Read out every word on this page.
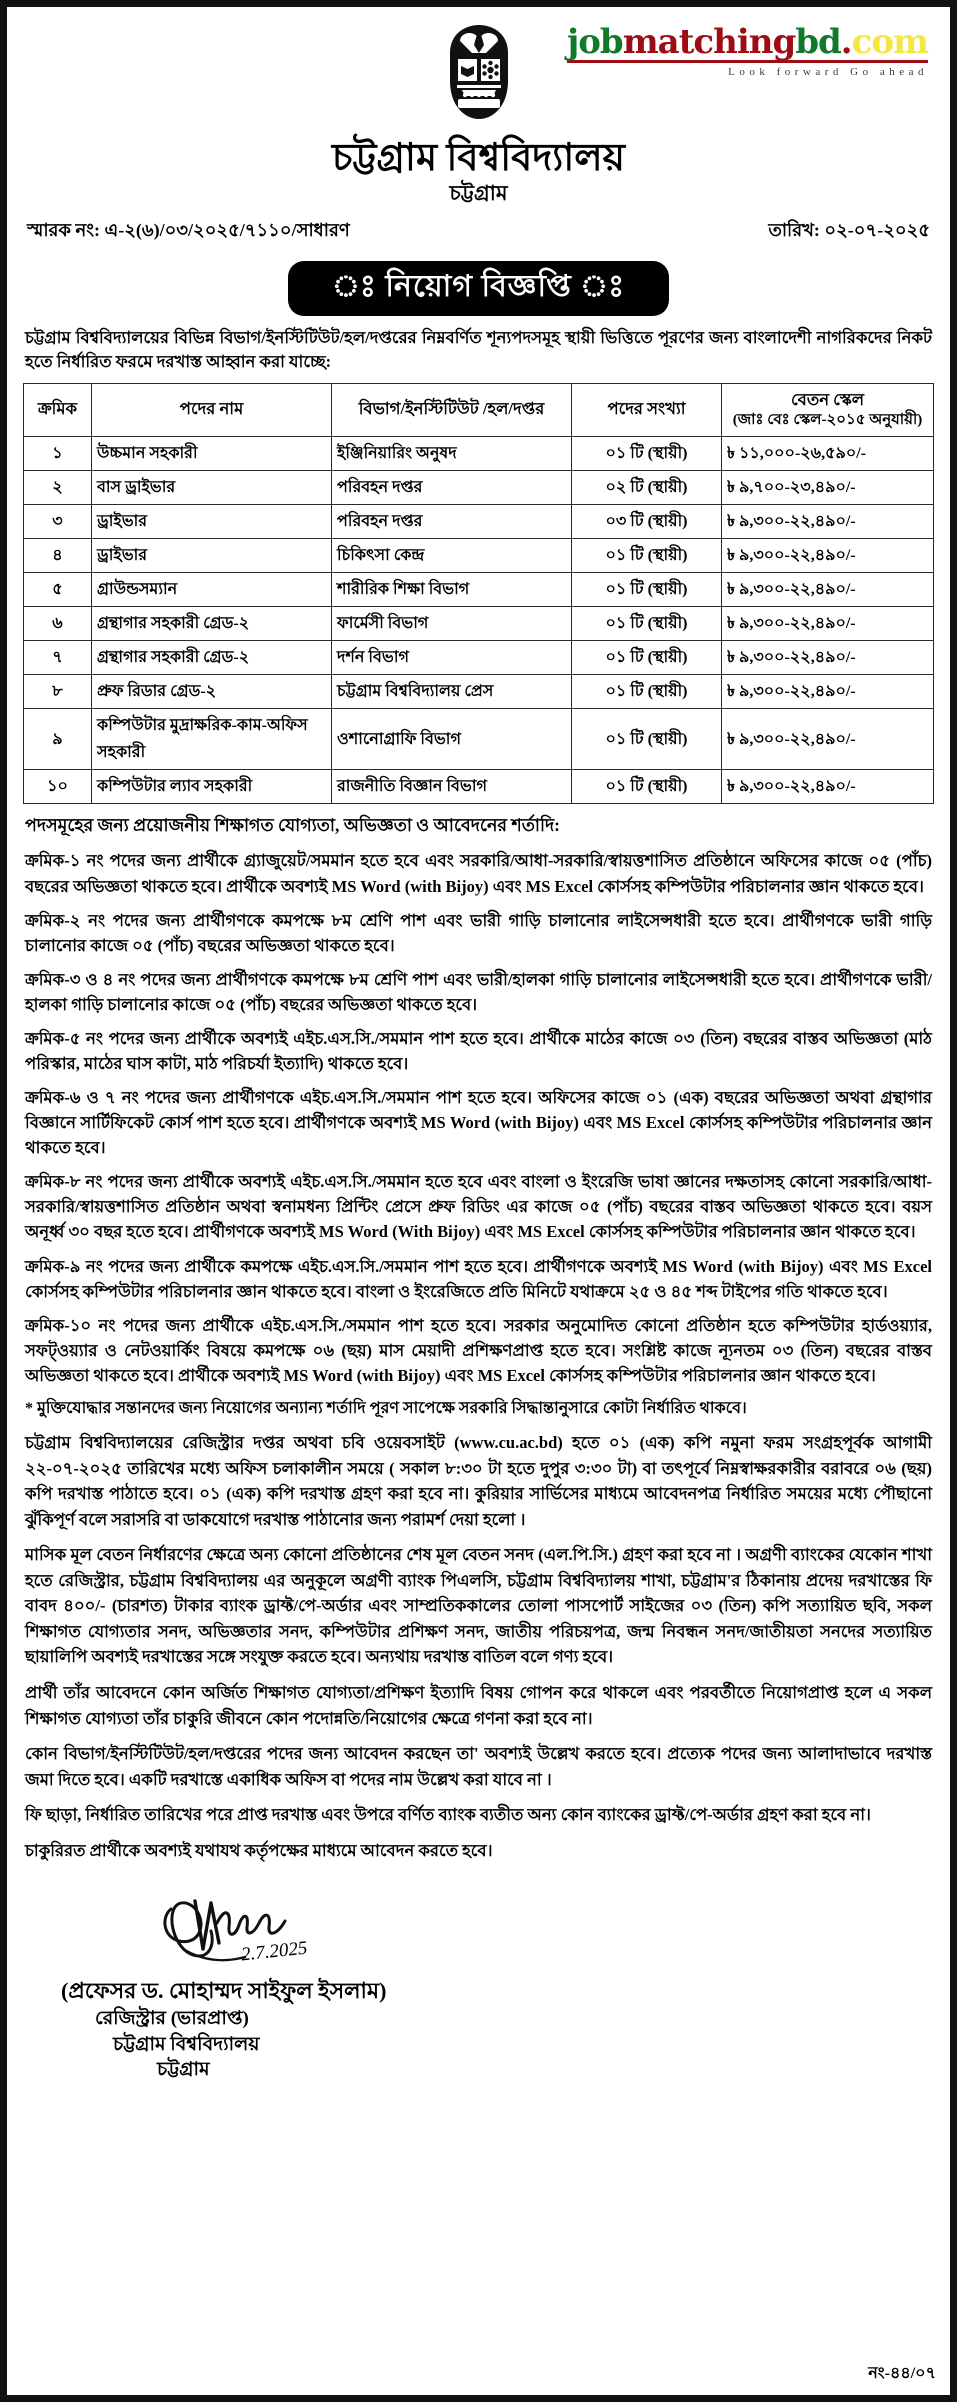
jobmatchingbd.com
Look forward Go ahead
চট্টগ্রাম বিশ্ববিদ্যালয়
চট্টগ্রাম
স্মারক নং: এ-২(৬)/০৩/২০২৫/৭১১০/সাধারণ	তারিখ: ০২-০৭-২০২৫
ঃ নিয়োগ বিজ্ঞপ্তি ঃ
চট্টগ্রাম বিশ্ববিদ্যালয়ের বিভিন্ন বিভাগ/ইনস্টিটিউট/হল/দপ্তরের নিম্নবর্ণিত শূন্যপদসমূহ স্থায়ী ভিত্তিতে পূরণের জন্য বাংলাদেশী নাগরিকদের নিকট হতে নির্ধারিত ফরমে দরখাস্ত আহ্বান করা যাচ্ছে:
ক্রমিক	পদের নাম	বিভাগ/ইনস্টিটিউট /হল/দপ্তর	পদের সংখ্যা	বেতন স্কেল
(জাঃ বেঃ স্কেল-২০১৫ অনুযায়ী)

১	উচ্চমান সহকারী	ইঞ্জিনিয়ারিং অনুষদ	০১ টি (স্থায়ী)	৳ ১১,০০০-২৬,৫৯০/-
২	বাস ড্রাইভার	পরিবহন দপ্তর	০২ টি (স্থায়ী)	৳ ৯,৭০০-২৩,৪৯০/-
৩	ড্রাইভার	পরিবহন দপ্তর	০৩ টি (স্থায়ী)	৳ ৯,৩০০-২২,৪৯০/-
৪	ড্রাইভার	চিকিৎসা কেন্দ্র	০১ টি (স্থায়ী)	৳ ৯,৩০০-২২,৪৯০/-
৫	গ্রাউন্ডসম্যান	শারীরিক শিক্ষা বিভাগ	০১ টি (স্থায়ী)	৳ ৯,৩০০-২২,৪৯০/-
৬	গ্রন্থাগার সহকারী গ্রেড-২	ফার্মেসী বিভাগ	০১ টি (স্থায়ী)	৳ ৯,৩০০-২২,৪৯০/-
৭	গ্রন্থাগার সহকারী গ্রেড-২	দর্শন বিভাগ	০১ টি (স্থায়ী)	৳ ৯,৩০০-২২,৪৯০/-
৮	প্রুফ রিডার গ্রেড-২	চট্টগ্রাম বিশ্ববিদ্যালয় প্রেস	০১ টি (স্থায়ী)	৳ ৯,৩০০-২২,৪৯০/-
৯	কম্পিউটার মুদ্রাক্ষরিক-কাম-অফিস সহকারী	ওশানোগ্রাফি বিভাগ	০১ টি (স্থায়ী)	৳ ৯,৩০০-২২,৪৯০/-
১০	কম্পিউটার ল্যাব সহকারী	রাজনীতি বিজ্ঞান বিভাগ	০১ টি (স্থায়ী)	৳ ৯,৩০০-২২,৪৯০/-
পদসমূহের জন্য প্রয়োজনীয় শিক্ষাগত যোগ্যতা, অভিজ্ঞতা ও আবেদনের শর্তাদি:
ক্রমিক-১ নং পদের জন্য প্রার্থীকে গ্র্যাজুয়েট/সমমান হতে হবে এবং সরকারি/আধা-সরকারি/স্বায়ত্তশাসিত প্রতিষ্ঠানে অফিসের কাজে ০৫ (পাঁচ) বছরের অভিজ্ঞতা থাকতে হবে। প্রার্থীকে অবশ্যই MS Word (with Bijoy) এবং MS Excel কোর্সসহ কম্পিউটার পরিচালনার জ্ঞান থাকতে হবে।
ক্রমিক-২ নং পদের জন্য প্রার্থীগণকে কমপক্ষে ৮ম শ্রেণি পাশ এবং ভারী গাড়ি চালানোর লাইসেন্সধারী হতে হবে। প্রার্থীগণকে ভারী গাড়ি চালানোর কাজে ০৫ (পাঁচ) বছরের অভিজ্ঞতা থাকতে হবে।
ক্রমিক-৩ ও ৪ নং পদের জন্য প্রার্থীগণকে কমপক্ষে ৮ম শ্রেণি পাশ এবং ভারী/হালকা গাড়ি চালানোর লাইসেন্সধারী হতে হবে। প্রার্থীগণকে ভারী/হালকা গাড়ি চালানোর কাজে ০৫ (পাঁচ) বছরের অভিজ্ঞতা থাকতে হবে।
ক্রমিক-৫ নং পদের জন্য প্রার্থীকে অবশ্যই এইচ.এস.সি./সমমান পাশ হতে হবে। প্রার্থীকে মাঠের কাজে ০৩ (তিন) বছরের বাস্তব অভিজ্ঞতা (মাঠ পরিস্কার, মাঠের ঘাস কাটা, মাঠ পরিচর্যা ইত্যাদি) থাকতে হবে।
ক্রমিক-৬ ও ৭ নং পদের জন্য প্রার্থীগণকে এইচ.এস.সি./সমমান পাশ হতে হবে। অফিসের কাজে ০১ (এক) বছরের অভিজ্ঞতা অথবা গ্রন্থাগার বিজ্ঞানে সার্টিফিকেট কোর্স পাশ হতে হবে। প্রার্থীগণকে অবশ্যই MS Word (with Bijoy) এবং MS Excel কোর্সসহ কম্পিউটার পরিচালনার জ্ঞান থাকতে হবে।
ক্রমিক-৮ নং পদের জন্য প্রার্থীকে অবশ্যই এইচ.এস.সি./সমমান হতে হবে এবং বাংলা ও ইংরেজি ভাষা জ্ঞানের দক্ষতাসহ কোনো সরকারি/আধা-সরকারি/স্বায়ত্তশাসিত প্রতিষ্ঠান অথবা স্বনামধন্য প্রিন্টিং প্রেসে প্রুফ রিডিং এর কাজে ০৫ (পাঁচ) বছরের বাস্তব অভিজ্ঞতা থাকতে হবে। বয়স অনূর্ধ্ব ৩০ বছর হতে হবে। প্রার্থীগণকে অবশ্যই MS Word (With Bijoy) এবং MS Excel কোর্সসহ কম্পিউটার পরিচালনার জ্ঞান থাকতে হবে।
ক্রমিক-৯ নং পদের জন্য প্রার্থীকে কমপক্ষে এইচ.এস.সি./সমমান পাশ হতে হবে। প্রার্থীগণকে অবশ্যই MS Word (with Bijoy) এবং MS Excel কোর্সসহ কম্পিউটার পরিচালনার জ্ঞান থাকতে হবে। বাংলা ও ইংরেজিতে প্রতি মিনিটে যথাক্রমে ২৫ ও ৪৫ শব্দ টাইপের গতি থাকতে হবে।
ক্রমিক-১০ নং পদের জন্য প্রার্থীকে এইচ.এস.সি./সমমান পাশ হতে হবে। সরকার অনুমোদিত কোনো প্রতিষ্ঠান হতে কম্পিউটার হার্ডওয়্যার, সফট্‌ওয়্যার ও নেটওয়ার্কিং বিষয়ে কমপক্ষে ০৬ (ছয়) মাস মেয়াদী প্রশিক্ষণপ্রাপ্ত হতে হবে। সংশ্লিষ্ট কাজে ন্যূনতম ০৩ (তিন) বছরের বাস্তব অভিজ্ঞতা থাকতে হবে। প্রার্থীকে অবশ্যই MS Word (with Bijoy) এবং MS Excel কোর্সসহ কম্পিউটার পরিচালনার জ্ঞান থাকতে হবে।
* মুক্তিযোদ্ধার সন্তানদের জন্য নিয়োগের অন্যান্য শর্তাদি পূরণ সাপেক্ষে সরকারি সিদ্ধান্তানুসারে কোটা নির্ধারিত থাকবে।
চট্টগ্রাম বিশ্ববিদ্যালয়ের রেজিস্ট্রার দপ্তর অথবা চবি ওয়েবসাইট (www.cu.ac.bd) হতে ০১ (এক) কপি নমুনা ফরম সংগ্রহপূর্বক আগামী ২২-০৭-২০২৫ তারিখের মধ্যে অফিস চলাকালীন সময়ে ( সকাল ৮:৩০ টা হতে দুপুর ৩:৩০ টা) বা তৎপূর্বে নিম্নস্বাক্ষরকারীর বরাবরে ০৬ (ছয়) কপি দরখাস্ত পাঠাতে হবে। ০১ (এক) কপি দরখাস্ত গ্রহণ করা হবে না। কুরিয়ার সার্ভিসের মাধ্যমে আবেদনপত্র নির্ধারিত সময়ের মধ্যে পৌছানো ঝুঁকিপূর্ণ বলে সরাসরি বা ডাকযোগে দরখাস্ত পাঠানোর জন্য পরামর্শ দেয়া হলো ।
মাসিক মূল বেতন নির্ধারণের ক্ষেত্রে অন্য কোনো প্রতিষ্ঠানের শেষ মূল বেতন সনদ (এল.পি.সি.) গ্রহণ করা হবে না । অগ্রণী ব্যাংকের যেকোন শাখা হতে রেজিস্ট্রার, চট্টগ্রাম বিশ্ববিদ্যালয় এর অনুকূলে অগ্রণী ব্যাংক পিএলসি, চট্টগ্রাম বিশ্ববিদ্যালয় শাখা, চট্টগ্রাম'র ঠিকানায় প্রদেয় দরখাস্তের ফি বাবদ ৪০০/- (চারশত) টাকার ব্যাংক ড্রাফ্ট/পে-অর্ডার এবং সাম্প্রতিককালের তোলা পাসপোর্ট সাইজের ০৩ (তিন) কপি সত্যায়িত ছবি, সকল শিক্ষাগত যোগ্যতার সনদ, অভিজ্ঞতার সনদ, কম্পিউটার প্রশিক্ষণ সনদ, জাতীয় পরিচয়পত্র, জন্ম নিবন্ধন সনদ/জাতীয়তা সনদের সত্যায়িত ছায়ালিপি অবশ্যই দরখাস্তের সঙ্গে সংযুক্ত করতে হবে। অন্যথায় দরখাস্ত বাতিল বলে গণ্য হবে।
প্রার্থী তাঁর আবেদনে কোন অর্জিত শিক্ষাগত যোগ্যতা/প্রশিক্ষণ ইত্যাদি বিষয় গোপন করে থাকলে এবং পরবর্তীতে নিয়োগপ্রাপ্ত হলে এ সকল শিক্ষাগত যোগ্যতা তাঁর চাকুরি জীবনে কোন পদোন্নতি/নিয়োগের ক্ষেত্রে গণনা করা হবে না।
কোন বিভাগ/ইনস্টিটিউট/হল/দপ্তরের পদের জন্য আবেদন করছেন তা' অবশ্যই উল্লেখ করতে হবে। প্রত্যেক পদের জন্য আলাদাভাবে দরখাস্ত জমা দিতে হবে। একটি দরখাস্তে একাধিক অফিস বা পদের নাম উল্লেখ করা যাবে না ।
ফি ছাড়া, নির্ধারিত তারিখের পরে প্রাপ্ত দরখাস্ত এবং উপরে বর্ণিত ব্যাংক ব্যতীত অন্য কোন ব্যাংকের ড্রাফ্ট/পে-অর্ডার গ্রহণ করা হবে না।
চাকুরিরত প্রার্থীকে অবশ্যই যথাযথ কর্তৃপক্ষের মাধ্যমে আবেদন করতে হবে।
2.7.2025
(প্রফেসর ড. মোহাম্মদ সাইফুল ইসলাম)
রেজিস্ট্রার (ভারপ্রাপ্ত)
চট্টগ্রাম বিশ্ববিদ্যালয়
চট্টগ্রাম
নং-৪৪/০৭
